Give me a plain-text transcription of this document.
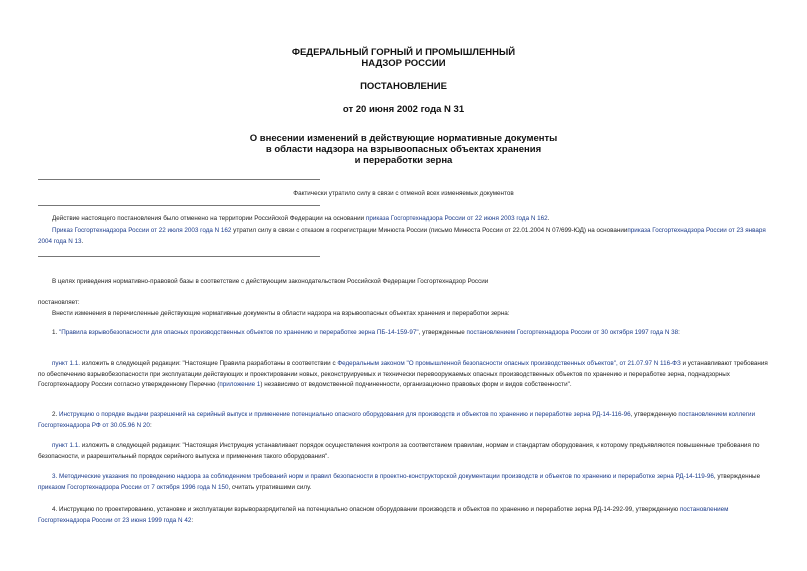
ФЕДЕРАЛЬНЫЙ ГОРНЫЙ И ПРОМЫШЛЕННЫЙ
НАДЗОР РОССИИ
ПОСТАНОВЛЕНИЕ
от 20 июня 2002 года N 31
О внесении изменений в действующие нормативные документы
в области надзора на взрывоопасных объектах хранения
и переработки зерна
Фактически утратило силу в связи с отменой всех изменяемых документов
Действие настоящего постановления было отменено на территории Российской Федерации на основании приказа Госгортехнадзора России от 22 июня 2003 года N 162.
Приказ Госгортехнадзора России от 22 июля 2003 года N 162 утратил силу в связи с отказом в госрегистрации Минюста России (письмо Минюста России от 22.01.2004 N 07/699-ЮД) на основанииприказа Госгортехнадзора России от 23 января 2004 года N 13.
В целях приведения нормативно-правовой базы в соответствие с действующим законодательством Российской Федерации Госгортехнадзор России
постановляет:
Внести изменения в перечисленные действующие нормативные документы в области надзора на взрывоопасных объектах хранения и переработки зерна:
1. "Правила взрывобезопасности для опасных производственных объектов по хранению и переработке зерна ПБ-14-159-97", утвержденные постановлением Госгортехнадзора России от 30 октября 1997 года N 38:
пункт 1.1. изложить в следующей редакции: "Настоящие Правила разработаны в соответствии с Федеральным законом "О промышленной безопасности опасных производственных объектов", от 21.07.97 N 116-ФЗ и устанавливают требования по обеспечению взрывобезопасности при эксплуатации действующих и проектировании новых, реконструируемых и технически перевооружаемых опасных производственных объектов по хранению и переработке зерна, поднадзорных Госгортехнадзору России согласно утвержденному Перечню (приложение 1) независимо от ведомственной подчиненности, организационно правовых форм и видов собственности".
2. Инструкцию о порядке выдачи разрешений на серийный выпуск и применение потенциально опасного оборудования для производств и объектов по хранению и переработке зерна РД-14-116-96, утвержденную постановлением коллегии Госгортехнадзора РФ от 30.05.96 N 20:
пункт 1.1. изложить в следующей редакции: "Настоящая Инструкция устанавливает порядок осуществления контроля за соответствием правилам, нормам и стандартам оборудования, к которому предъявляются повышенные требования по безопасности, и разрешительный порядок серийного выпуска и применения такого оборудования".
3. Методические указания по проведению надзора за соблюдением требований норм и правил безопасности в проектно-конструкторской документации производств и объектов по хранению и переработке зерна РД-14-119-96, утвержденные приказом Госгортехнадзора России от 7 октября 1996 года N 150, считать утратившими силу.
4. Инструкцию по проектированию, установке и эксплуатации взрыворазрядителей на потенциально опасном оборудовании производств и объектов по хранению и переработке зерна РД-14-292-99, утвержденную постановлением Госгортехнадзора России от 23 июня 1999 года N 42:
